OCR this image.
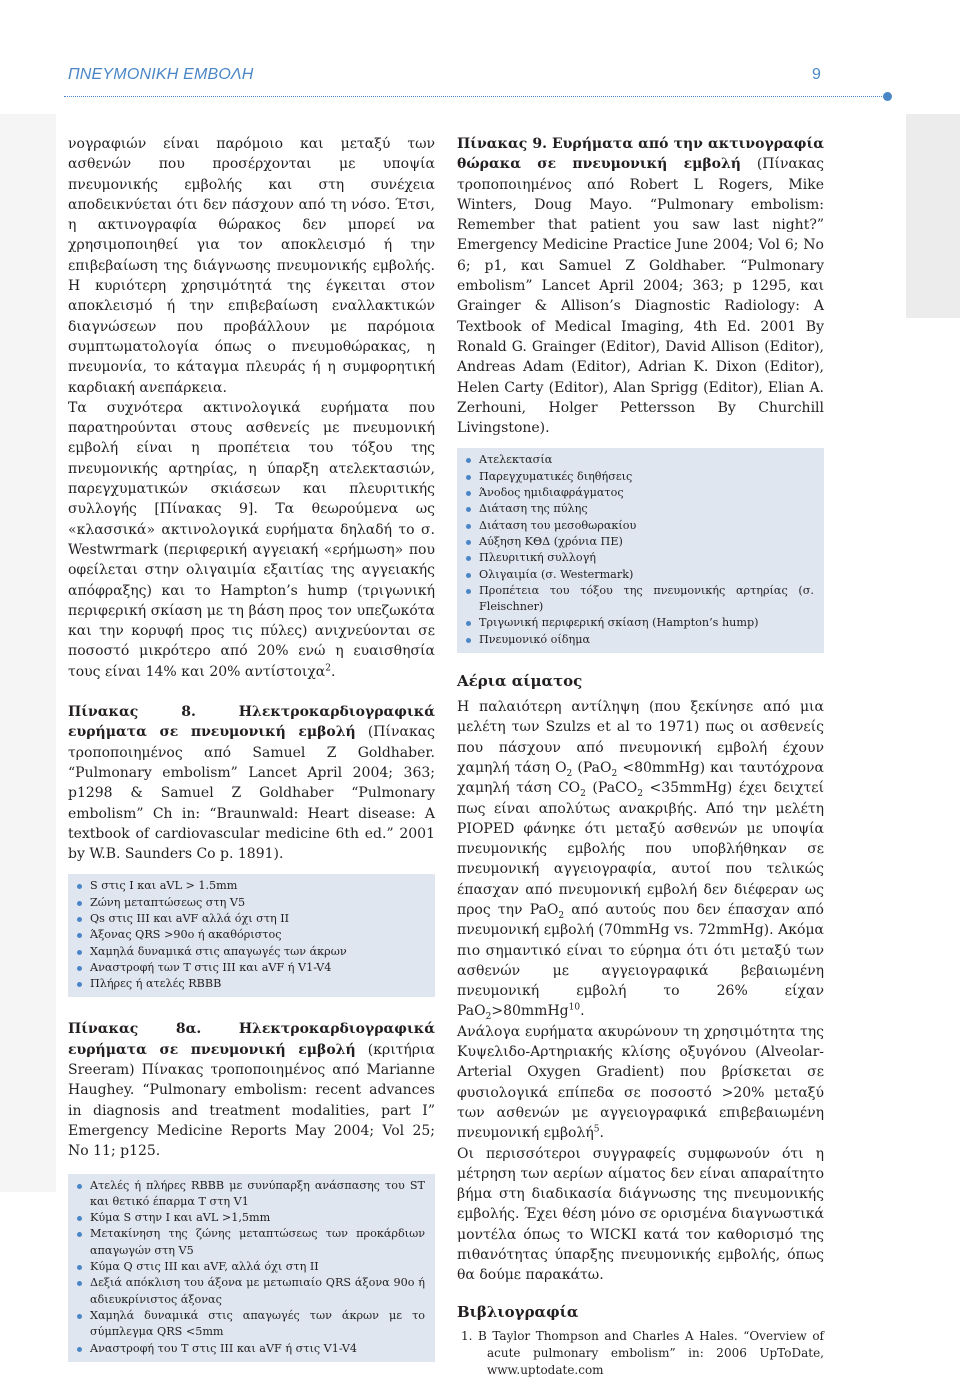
ΠΝΕΥΜΟΝΙΚΗ ΕΜΒΟΛΗ	9

νογραφιών είναι παρόμοιο και μεταξύ των ασθενών που προσέρχονται με υποψία πνευμονικής εμβολής και στη συνέχεια αποδεικνύεται ότι δεν πάσχουν από τη νόσο. Έτσι, η ακτινογραφία θώρακος δεν μπορεί να χρησιμοποιηθεί για τον αποκλεισμό ή την επιβεβαίωση της διάγνωσης πνευμονικής εμβολής. Η κυριότερη χρησιμότητά της έγκειται στον αποκλεισμό ή την επιβεβαίωση εναλλακτικών διαγνώσεων που προβάλλουν με παρόμοια συμπτωματολογία όπως ο πνευμοθώρακας, η πνευμονία, το κάταγμα πλευράς ή η συμφορητική καρδιακή ανεπάρκεια.

Τα συχνότερα ακτινολογικά ευρήματα που παρατηρούνται στους ασθενείς με πνευμονική εμβολή είναι η προπέτεια του τόξου της πνευμονικής αρτηρίας, η ύπαρξη ατελεκτασιών, παρεγχυματικών σκιάσεων και πλευριτικής συλλογής [Πίνακας 9]. Τα θεωρούμενα ως «κλασσικά» ακτινολογικά ευρήματα δηλαδή το σ. Westwrmark (περιφερική αγγειακή «ερήμωση» που οφείλεται στην ολιγαιμία εξαιτίας της αγγειακής απόφραξης) και το Hampton’s hump (τριγωνική περιφερική σκίαση με τη βάση προς τον υπεζωκότα και την κορυφή προς τις πύλες) ανιχνεύονται σε ποσοστό μικρότερο από 20% ενώ η ευαισθησία τους είναι 14% και 20% αντίστοιχα$^2$.

Πίνακας 8. Ηλεκτροκαρδιογραφικά ευρήματα σε πνευμονική εμβολή (Πίνακας τροποποιημένος από Samuel Z Goldhaber. “Pulmonary embolism” Lancet April 2004; 363; p1298 & Samuel Z Goldhaber “Pulmonary embolism” Ch in: “Braunwald: Heart disease: A textbook of cardiovascular medicine 6th ed.” 2001 by W.B. Saunders Co p. 1891).

S στις I και aVL > 1.5mm
Ζώνη μεταπτώσεως στη V5
Qs στις III και aVF αλλά όχι στη II
Άξονας QRS >90ο ή ακαθόριστος
Χαμηλά δυναμικά στις απαγωγές των άκρων
Αναστροφή των T στις III και aVF ή V1-V4
Πλήρες ή ατελές RBBB

Πίνακας 8α. Ηλεκτροκαρδιογραφικά ευρήματα σε πνευμονική εμβολή (κριτήρια Sreeram) Πίνακας τροποποιημένος από Marianne Haughey. “Pulmonary embolism: recent advances in diagnosis and treatment modalities, part I” Emergency Medicine Reports May 2004; Vol 25; No 11; p125.

Ατελές ή πλήρες RBBB με συνύπαρξη ανάσπασης του ST και θετικό έπαρμα T στη V1
Κύμα S στην I και aVL >1,5mm
Μετακίνηση της ζώνης μεταπτώσεως των προκάρδιων απαγωγών στη V5
Κύμα Q στις III και aVF, αλλά όχι στη II
Δεξιά απόκλιση του άξονα με μετωπιαίο QRS άξονα 90ο ή αδιευκρίνιστος άξονας
Χαμηλά δυναμικά στις απαγωγές των άκρων με το σύμπλεγμα QRS <5mm
Αναστροφή του T στις III και aVF ή στις V1-V4

Πίνακας 9. Ευρήματα από την ακτινογραφία θώρακα σε πνευμονική εμβολή (Πίνακας τροποποιημένος από Robert L Rogers, Mike Winters, Doug Mayo. “Pulmonary embolism: Remember that patient you saw last night?” Emergency Medicine Practice June 2004; Vol 6; No 6; p1, και Samuel Z Goldhaber. “Pulmonary embolism” Lancet April 2004; 363; p 1295, και Grainger & Allison’s Diagnostic Radiology: A Textbook of Medical Imaging, 4th Ed. 2001 By Ronald G. Grainger (Editor), David Allison (Editor), Andreas Adam (Editor), Adrian K. Dixon (Editor), Helen Carty (Editor), Alan Sprigg (Editor), Elian A. Zerhouni, Holger Pettersson By Churchill Livingstone).

Ατελεκτασία
Παρεγχυματικές διηθήσεις
Άνοδος ημιδιαφράγματος
Διάταση της πύλης
Διάταση του μεσοθωρακίου
Αύξηση ΚΘΔ (χρόνια ΠΕ)
Πλευριτική συλλογή
Ολιγαιμία (σ. Westermark)
Προπέτεια του τόξου της πνευμονικής αρτηρίας (σ. Fleischner)
Τριγωνική περιφερική σκίαση (Hampton’s hump)
Πνευμονικό οίδημα
Αέρια αίματος

Η παλαιότερη αντίληψη (που ξεκίνησε από μια μελέτη των Szulzs et al το 1971) πως οι ασθενείς που πάσχουν από πνευμονική εμβολή έχουν χαμηλή τάση $O_2$ (PaO$_2$ <80mmHg) και ταυτόχρονα χαμηλή τάση $CO_2$ (PaCO$_2$ <35mmHg) έχει δειχτεί πως είναι απολύτως ανακριβής. Από την μελέτη PIOPED φάνηκε ότι μεταξύ ασθενών με υποψία πνευμονικής εμβολής που υποβλήθηκαν σε πνευμονική αγγειογραφία, αυτοί που τελικώς έπασχαν από πνευμονική εμβολή δεν διέφεραν ως προς την PaO$_2$ από αυτούς που δεν έπασχαν από πνευμονική εμβολή (70mmHg vs. 72mmHg). Ακόμα πιο σημαντικό είναι το εύρημα ότι ότι μεταξύ των ασθενών με αγγειογραφικά βεβαιωμένη πνευμονική εμβολή το 26% είχαν PaO$_2$>80mmHg$^{10}$.

Ανάλογα ευρήματα ακυρώνουν τη χρησιμότητα της Κυψελιδο-Αρτηριακής κλίσης οξυγόνου (Alveolar-Arterial Oxygen Gradient) που βρίσκεται σε φυσιολογικά επίπεδα σε ποσοστό >20% μεταξύ των ασθενών με αγγειογραφικά επιβεβαιωμένη πνευμονική εμβολή$^5$.

Οι περισσότεροι συγγραφείς συμφωνούν ότι η μέτρηση των αερίων αίματος δεν είναι απαραίτητο βήμα στη διαδικασία διάγνωσης της πνευμονικής εμβολής. Έχει θέση μόνο σε ορισμένα διαγνωστικά μοντέλα όπως το WICKI κατά τον καθορισμό της πιθανότητας ύπαρξης πνευμονικής εμβολής, όπως θα δούμε παρακάτω.

Βιβλιογραφία

1. B Taylor Thompson and Charles A Hales. “Overview of acute pulmonary embolism” in: 2006 UpToDate, www.uptodate.com
